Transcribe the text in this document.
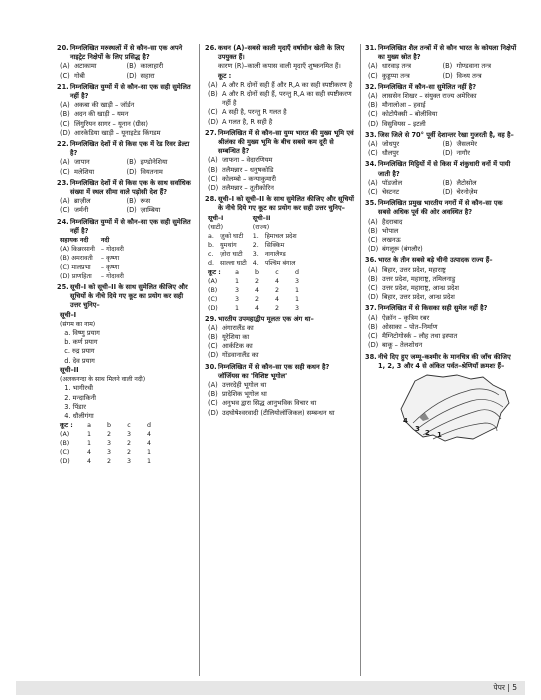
20. निम्नलिखित मरुस्थलों में से कौन–सा एक अपने नाइट्रेट निक्षेपों के लिए प्रसिद्ध है?
(A) अटाकामा	(B) कालाहारी
(C) गोबी	(D) सहारा
21. निम्नलिखित युग्मों में से कौन–सा एक सही सुमेलित नहीं है?
(A) अकबा की खाड़ी – जॉर्डन
(B) अदन की खाड़ी – यमन
(C) लिंगुरियन सागर – यूनान (ग्रीस)
(D) आरकेडिया खाड़ी – यूनाइटेड किंगडम
22. निम्नलिखित देशों में से किस एक में रेड रिवर डेल्टा है?
(A) जापान	(B) इण्डोनेशिया
(C) मलेशिया	(D) वियतनाम
23. निम्नलिखित देशों में से किस एक के साथ सर्वाधिक संख्या में स्थल सीमा वाले पड़ोसी देश हैं?
(A) ब्राज़ील	(B) रूस
(C) जर्मनी	(D) ज़ाम्बिया
24. निम्नलिखित युग्मों में से कौन–सा एक सही सुमेलित नहीं है?
सहायक नदी	नदी
(A) किन्नरसानी	– गोदावरी
(B) अमरावती	– कृष्णा
(C) मालप्रभा	– कृष्णा
(D) प्राणहिता	– गोदावरी
25. सूची–I को सूची–II के साथ सुमेलित कीजिए और सूचियों के नीचे दिये गए कूट का प्रयोग कर सही उत्तर चुनिए–
सूची–I
(संगम का नाम)
a. विष्णु प्रयाग
b. कर्ण प्रयाग
c. रुद्र प्रयाग
d. देव प्रयाग
सूची–II
(अलकनन्दा के साथ मिलने वाली नदी)
1. भागीरथी
2. मन्दाकिनी
3. पिंडार
4. धौलीगंगा
कूट :	a	b	c	d
(A)	1	2	3	4
(B)	1	3	2	4
(C)	4	3	2	1
(D)	4	2	3	1
26. कथन (A)–सबसे काली मृदाएँ वर्षाधीन खेती के लिए उपयुक्त हैं।
कारण (R)–काली कपास वाली मृदाएँ शुष्कनमित हैं।
कूट :
(A) A और R दोनों सही हैं और R,A का सही स्पष्टीकरण है
(B) A और R दोनों सही हैं, परन्तु R,A का सही स्पष्टीकरण नहीं है
(C) A सही है, परन्तु R गलत है
(D) A गलत है, R सही है
27. निम्नलिखित में से कौन–सा युग्म भारत की मुख्य भूमि एवं श्रीलंका की मुख्य भूमि के बीच सबसे कम दूरी से सम्बन्धित है?
(A) जाफना – वेदारणियम
(B) तलैमन्नार – धनुषकोडि
(C) कोलम्बो – कन्याकुमारी
(D) तलैमन्नार – तूतीकोरिन
28. सूची–I को सूची–II के साथ सुमेलित कीजिए और सूचियों के नीचे दिये गए कूट का प्रयोग कर सही उत्तर चुनिए–
सूची–I		सूची–II	
(घाटी)		(राज्य)	
a.	ज़ुको घाटी	1.	हिमाचल प्रदेश
b.	युमथांग	2.	सिक्किम
c.	ज़ोरा घाटी	3.	नागालैण्ड
d.	साल्ला घाटी	4.	पश्चिम बंगाल
कूट :	a	b	c	d
(A)	1	2	4	3
(B)	3	4	2	1
(C)	3	2	4	1
(D)	1	4	2	3
29. भारतीय उपमहाद्वीप मूलतः एक अंग था–
(A) अंगारालैंड का
(B) यूरेशिया का
(C) आर्कटिक का
(D) गोंडवानालैंड का
30. निम्नलिखित में से कौन–सा एक सही कथन है?
जॉर्जियस का 'विशिष्ट भूगोल'
(A) उत्तरदेही भूगोल था
(B) प्रादेशिक भूगोल था
(C) अनुभव द्वारा सिद्ध आनुभविक विचार था
(D) उदघोषेश्वरवादी (टीलियोलॉजिकल) सम्बन्धन था
31. निम्नलिखित शैल तन्त्रों में से कौन भारत के कोयला निक्षेपों का मुख्य स्रोत है?
(A) धारवाड़ तन्त्र	(B) गोण्डवाना तन्त्र
(C) कुड्डप्पा तन्त्र	(D) विन्ध्य तन्त्र
32. निम्नलिखित में कौन–सा सुमेलित नहीं है?
(A) लाससेन शिखर – संयुक्त राज्य अमेरिका
(B) मौनालोआ – हवाई
(C) कोटोपैक्सी – बोलीविया
(D) विसुवियस – इटली
33. जिस जिले से 70° पूर्वी देशान्तर रेखा गुजरती है, वह है–
(A) जोधपुर	(B) जैसलमेर
(C) धौलपुर	(D) नागौर
34. निम्नलिखित मिट्टियों में से किस में शंकुधारी वनों में पायी जाती है?
(A) पॉडजोल	(B) लैटोसोल
(C) चेस्टनट	(D) चेरनोज़ेम
35. निम्नलिखित प्रमुख भारतीय नगरों में से कौन–सा एक सबसे अधिक पूर्व की ओर अवस्थित है?
(A) हैदराबाद
(B) भोपाल
(C) लखनऊ
(D) बंगलूरू (बंगलौर)
36. भारत के तीन सबसे बड़े चीनी उत्पादक राज्य हैं–
(A) बिहार, उत्तर प्रदेश, महाराष्ट्र
(B) उत्तर प्रदेश, महाराष्ट्र, तमिलनाडु
(C) उत्तर प्रदेश, महाराष्ट्र, आन्ध्र प्रदेश
(D) बिहार, उत्तर प्रदेश, आन्ध्र प्रदेश
37. निम्नलिखित में से किसका सही सुमेल नहीं है?
(A) ऐक्रॉन – कृत्रिम रबर
(B) ओसाका – पोत–निर्माण
(C) मैग्निटोगोर्स्क – लौह तथा इस्पात
(D) बाकू – तेलशोधन
38. नीचे दिए हुए जम्मू–कश्मीर के मानचित्र की जाँच कीजिए 1, 2, 3 और 4 से अंकित पर्वत–श्रेणियाँ क्रमशः हैं–
4
3 2 1
पेपर | 5
